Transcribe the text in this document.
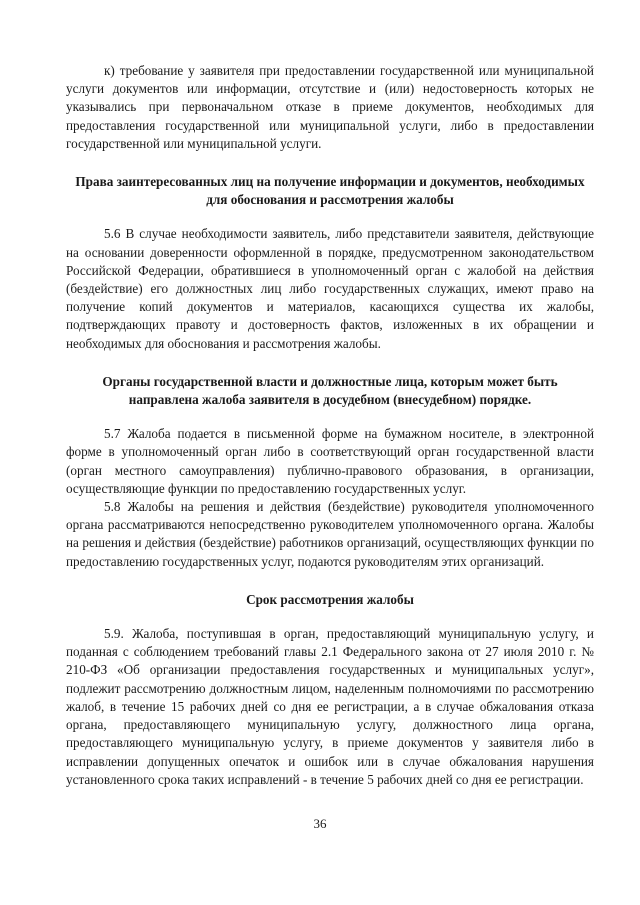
к) требование у заявителя при предоставлении государственной или муниципальной услуги документов или информации, отсутствие и (или) недостоверность которых не указывались при первоначальном отказе в приеме документов, необходимых для предоставления государственной или муниципальной услуги, либо в предоставлении государственной или муниципальной услуги.

Права заинтересованных лиц на получение информации и документов, необходимых для обоснования и рассмотрения жалобы

5.6 В случае необходимости заявитель, либо представители заявителя, действующие на основании доверенности оформленной в порядке, предусмотренном законодательством Российской Федерации, обратившиеся в уполномоченный орган с жалобой на действия (бездействие) его должностных лиц либо государственных служащих, имеют право на получение копий документов и материалов, касающихся существа их жалобы, подтверждающих правоту и достоверность фактов, изложенных в их обращении и необходимых для обоснования и рассмотрения жалобы.

Органы государственной власти и должностные лица, которым может быть направлена жалоба заявителя в досудебном (внесудебном) порядке.

5.7 Жалоба подается в письменной форме на бумажном носителе, в электронной форме в уполномоченный орган либо в соответствующий орган государственной власти (орган местного самоуправления) публично-правового образования, в организации, осуществляющие функции по предоставлению государственных услуг.

5.8 Жалобы на решения и действия (бездействие) руководителя уполномоченного органа рассматриваются непосредственно руководителем уполномоченного органа. Жалобы на решения и действия (бездействие) работников организаций, осуществляющих функции по предоставлению государственных услуг, подаются руководителям этих организаций.

Срок рассмотрения жалобы

5.9. Жалоба, поступившая в орган, предоставляющий муниципальную услугу, и поданная с соблюдением требований главы 2.1 Федерального закона от 27 июля 2010 г. № 210-ФЗ «Об организации предоставления государственных и муниципальных услуг», подлежит рассмотрению должностным лицом, наделенным полномочиями по рассмотрению жалоб, в течение 15 рабочих дней со дня ее регистрации, а в случае обжалования отказа органа, предоставляющего муниципальную услугу, должностного лица органа, предоставляющего муниципальную услугу, в приеме документов у заявителя либо в исправлении допущенных опечаток и ошибок или в случае обжалования нарушения установленного срока таких исправлений - в течение 5 рабочих дней со дня ее регистрации.

36
